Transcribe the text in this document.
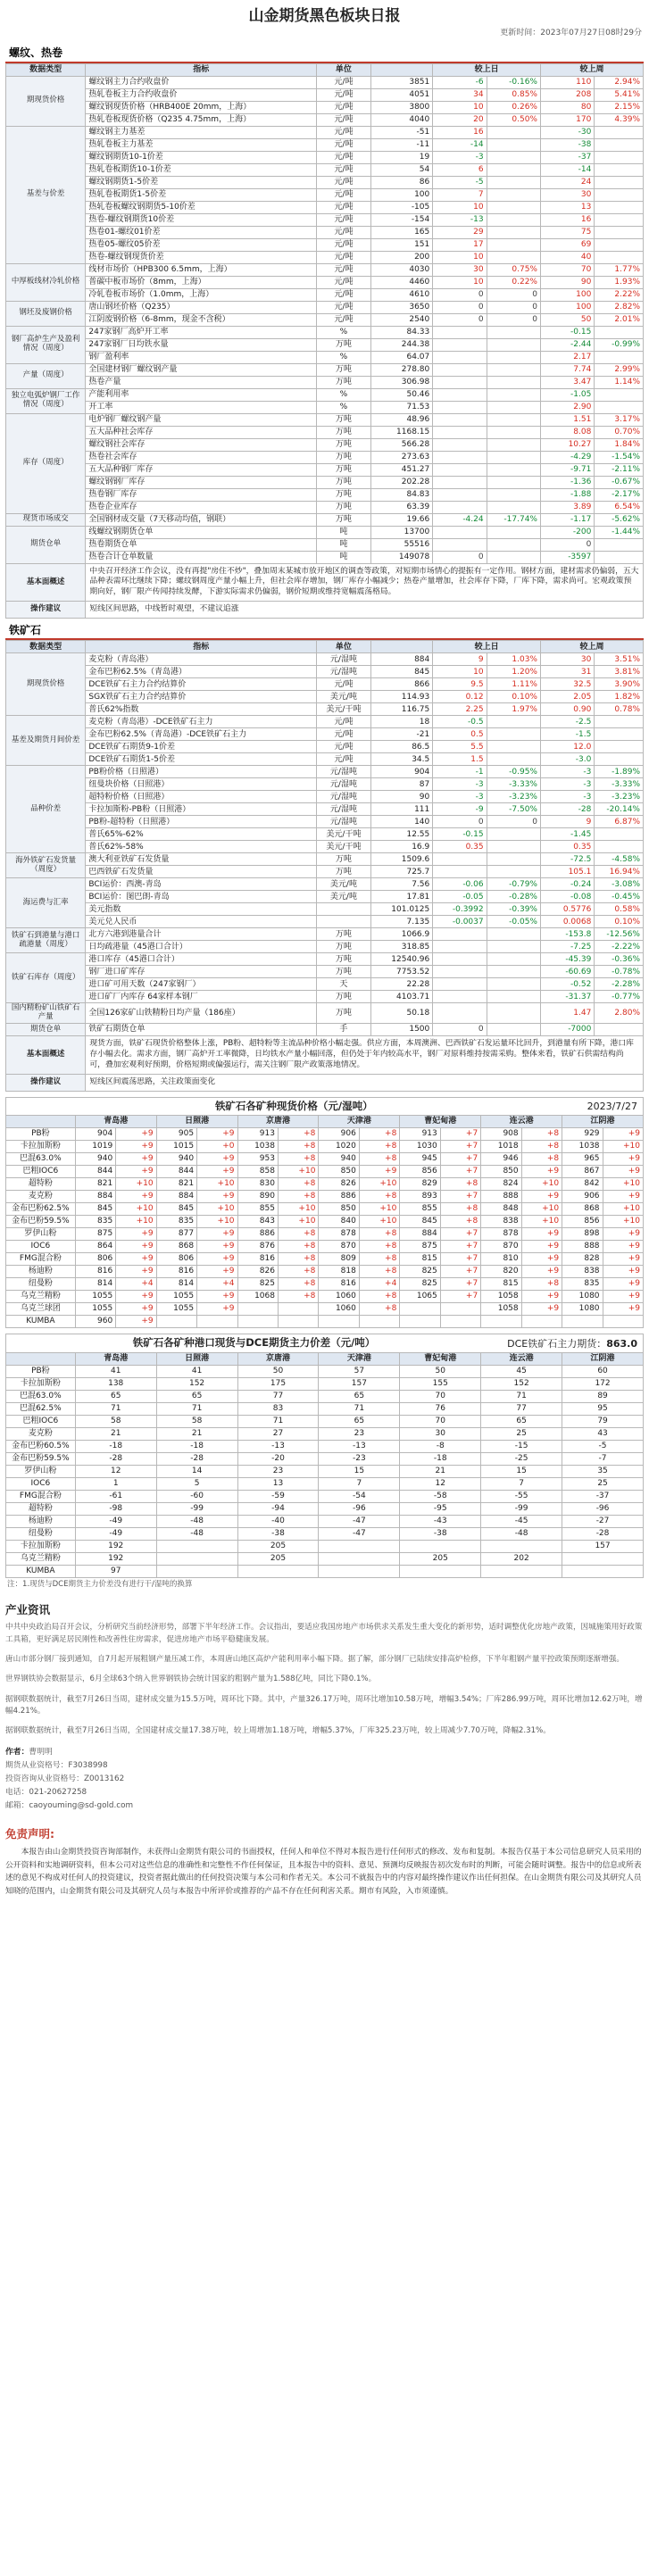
山金期货黑色板块日报
更新时间：2023年07月27日08时29分
螺纹、热卷
数据类型	指标	单位		较上日		较上周	
期现货价格	螺纹钢主力合约收盘价	元/吨	3851	-6	-0.16%	110	2.94%
	热轧卷板主力合约收盘价	元/吨	4051	34	0.85%	208	5.41%
	螺纹钢现货价格（HRB400E 20mm，上海）	元/吨	3800	10	0.26%	80	2.15%
	热轧卷板现货价格（Q235 4.75mm，上海）	元/吨	4040	20	0.50%	170	4.39%
基差与价差	螺纹钢主力基差	元/吨	-51	16		-30	
	热轧卷板主力基差	元/吨	-11	-14		-38	
	螺纹钢期货10-1价差	元/吨	19	-3		-37	
	热轧卷板期货10-1价差	元/吨	54	6		-14	
	螺纹钢期货1-5价差	元/吨	86	-5		24	
	热轧卷板期货1-5价差	元/吨	100	7		30	
	热轧卷板螺纹钢期货5-10价差	元/吨	-105	10		13	
	热卷-螺纹钢期货10价差	元/吨	-154	-13		16	
	热卷01-螺纹01价差	元/吨	165	29		75	
	热卷05-螺纹05价差	元/吨	151	17		69	
	热卷-螺纹钢现货价差	元/吨	200	10		40	
中厚板线材冷轧价格	线材市场价（HPB300 6.5mm，上海）	元/吨	4030	30	0.75%	70	1.77%
	普碳中板市场价（8mm，上海）	元/吨	4460	10	0.22%	90	1.93%
	冷轧卷板市场价（1.0mm，上海）	元/吨	4610	0	0	100	2.22%
钢坯及废钢价格	唐山钢坯价格（Q235）	元/吨	3650	0	0	100	2.82%
	江阴废钢价格（6-8mm，现金不含税）	元/吨	2540	0	0	50	2.01%
钢厂高炉生产及盈利情况（周度）	247家钢厂高炉开工率	%	84.33			-0.15	
	247家钢厂日均铁水量	万吨	244.38			-2.44	-0.99%
	钢厂盈利率	%	64.07			2.17	
产量（周度）	全国建材钢厂螺纹钢产量	万吨	278.80			7.74	2.99%
	热卷产量	万吨	306.98			3.47	1.14%
独立电弧炉钢厂工作情况（周度）	产能利用率	%	50.46			-1.05	
	开工率	%	71.53			2.90	
库存（周度）	电炉钢厂螺纹钢产量	万吨	48.96			1.51	3.17%
	五大品种社会库存	万吨	1168.15			8.08	0.70%
	螺纹钢社会库存	万吨	566.28			10.27	1.84%
	热卷社会库存	万吨	273.63			-4.29	-1.54%
	五大品种钢厂库存	万吨	451.27			-9.71	-2.11%
	螺纹钢钢厂库存	万吨	202.28			-1.36	-0.67%
	热卷钢厂库存	万吨	84.83			-1.88	-2.17%
	热卷企业库存	万吨	63.39			3.89	6.54%
现货市场成交	全国钢材成交量（7天移动均值，钢联）	万吨	19.66	-4.24	-17.74%	-1.17	-5.62%
期货仓单	线螺纹钢期货仓单	吨	13700			-200	-1.44%
	热卷期货仓单	吨	55516			0	
	热卷合计仓单数量	吨	149078	0		-3597	
基本面概述	中央召开经济工作会议，没有再提"房住不炒"，叠加周末某城市放开地区的调查等政策，对短期市场情心的提振有一定作用。钢材方面，建材需求仍偏弱，五大品种表需环比继续下降；螺纹钢周度产量小幅上升，但社会库存增加，钢厂库存小幅减少；热卷产量增加，社会库存下降，厂库下降，需求尚可。宏观政策预期向好，钢厂限产传闻持续发酵，下游实际需求仍偏弱，钢价短期或维持宽幅震荡格局。						
操作建议	短线区间思路，中线暂时观望，不建议追涨						
铁矿石
数据类型	指标	单位		较上日		较上周	
期现货价格	麦克粉（青岛港）	元/湿吨	884	9	1.03%	30	3.51%
	金布巴粉62.5%（青岛港）	元/湿吨	845	10	1.20%	31	3.81%
	DCE铁矿石主力合约结算价	元/吨	866	9.5	1.11%	32.5	3.90%
	SGX铁矿石主力合约结算价	美元/吨	114.93	0.12	0.10%	2.05	1.82%
	普氏62%指数	美元/干吨	116.75	2.25	1.97%	0.90	0.78%
基差及期货月间价差	麦克粉（青岛港）-DCE铁矿石主力	元/吨	18	-0.5		-2.5	
	金布巴粉62.5%（青岛港）-DCE铁矿石主力	元/吨	-21	0.5		-1.5	
	DCE铁矿石期货9-1价差	元/吨	86.5	5.5		12.0	
	DCE铁矿石期货1-5价差	元/吨	34.5	1.5		-3.0	
品种价差	PB粉价格（日照港）	元/湿吨	904	-1	-0.95%	-3	-1.89%
	纽曼块价格（日照港）	元/湿吨	87	-3	-3.33%	-3	-3.33%
	超特粉价格（日照港）	元/湿吨	90	-3	-3.23%	-3	-3.23%
	卡拉加斯粉-PB粉（日照港）	元/湿吨	111	-9	-7.50%	-28	-20.14%
	PB粉-超特粉（日照港）	元/湿吨	140	0	0	9	6.87%
	普氏65%-62%	美元/干吨	12.55	-0.15		-1.45	
	普氏62%-58%	美元/干吨	16.9	0.35		0.35	
海外铁矿石发货量（周度）	澳大利亚铁矿石发货量	万吨	1509.6			-72.5	-4.58%
	巴西铁矿石发货量	万吨	725.7			105.1	16.94%
海运费与汇率	BCI运价：西澳-青岛	美元/吨	7.56	-0.06	-0.79%	-0.24	-3.08%
	BCI运价：图巴朗-青岛	美元/吨	17.81	-0.05	-0.28%	-0.08	-0.45%
	美元指数		101.0125	-0.3992	-0.39%	0.5776	0.58%
	美元兑人民币		7.135	-0.0037	-0.05%	0.0068	0.10%
铁矿石到港量与港口疏港量（周度）	北方六港到港量合计	万吨	1066.9			-153.8	-12.56%
	日均疏港量（45港口合计）	万吨	318.85			-7.25	-2.22%
铁矿石库存（周度）	港口库存（45港口合计）	万吨	12540.96			-45.39	-0.36%
	钢厂进口矿库存	万吨	7753.52			-60.69	-0.78%
	进口矿可用天数（247家钢厂）	天	22.28			-0.52	-2.28%
	进口矿厂内库存 64家样本钢厂	万吨	4103.71			-31.37	-0.77%
国内精粉矿山铁矿石产量	全国126家矿山铁精粉日均产量（186座）	万吨	50.18			1.47	2.80%
期货仓单	铁矿石期货仓单	手	1500	0		-7000	
基本面概述	现货方面，铁矿石现货价格整体上涨，PB粉、超特粉等主流品种价格小幅走强。供应方面，本周澳洲、巴西铁矿石发运量环比回升，到港量有所下降，港口库存小幅去化。需求方面，钢厂高炉开工率微降，日均铁水产量小幅回落，但仍处于年内较高水平，钢厂对原料维持按需采购。整体来看，铁矿石供需结构尚可，叠加宏观利好预期，价格短期或偏强运行，需关注钢厂限产政策落地情况。						
操作建议	短线区间震荡思路，关注政策面变化						
铁矿石各矿种现货价格（元/湿吨）	2023/7/27
	青岛港		日照港		京唐港		天津港		曹妃甸港		连云港		江阴港	
PB粉	904	+9	905	+9	913	+8	906	+8	913	+7	908	+8	929	+9
卡拉加斯粉	1019	+9	1015	+0	1038	+8	1020	+8	1030	+7	1018	+8	1038	+10
巴混63.0%	940	+9	940	+9	953	+8	940	+8	945	+7	946	+8	965	+9
巴粗IOC6	844	+9	844	+9	858	+10	850	+9	856	+7	850	+9	867	+9
超特粉	821	+10	821	+10	830	+8	826	+10	829	+8	824	+10	842	+10
麦克粉	884	+9	884	+9	890	+8	886	+8	893	+7	888	+9	906	+9
金布巴粉62.5%	845	+10	845	+10	855	+10	850	+10	855	+8	848	+10	868	+10
金布巴粉59.5%	835	+10	835	+10	843	+10	840	+10	845	+8	838	+10	856	+10
罗伊山粉	875	+9	877	+9	886	+8	878	+8	884	+7	878	+9	898	+9
IOC6	864	+9	868	+9	876	+8	870	+8	875	+7	870	+9	888	+9
FMG混合粉	806	+9	806	+9	816	+8	809	+8	815	+7	810	+9	828	+9
杨迪粉	816	+9	816	+9	826	+8	818	+8	825	+7	820	+9	838	+9
纽曼粉	814	+4	814	+4	825	+8	816	+4	825	+7	815	+8	835	+9
乌克兰精粉	1055	+9	1055	+9	1068	+8	1060	+8	1065	+7	1058	+9	1080	+9
乌克兰球团	1055	+9	1055	+9			1060	+8			1058	+9	1080	+9
KUMBA	960	+9												
铁矿石各矿种港口现货与DCE期货主力价差（元/吨）	DCE铁矿石主力期货：863.0
	青岛港	日照港	京唐港	天津港	曹妃甸港	连云港	江阴港
PB粉	41	41	50	57	50	45	60
卡拉加斯粉	138	152	175	157	155	152	172
巴混63.0%	65	65	77	65	70	71	89
巴混62.5%	71	71	83	71	76	77	95
巴粗IOC6	58	58	71	65	70	65	79
麦克粉	21	21	27	23	30	25	43
金布巴粉60.5%	-18	-18	-13	-13	-8	-15	-5
金布巴粉59.5%	-28	-28	-20	-23	-18	-25	-7
罗伊山粉	12	14	23	15	21	15	35
IOC6	1	5	13	7	12	7	25
FMG混合粉	-61	-60	-59	-54	-58	-55	-37
超特粉	-98	-99	-94	-96	-95	-99	-96
杨迪粉	-49	-48	-40	-47	-43	-45	-27
纽曼粉	-49	-48	-38	-47	-38	-48	-28
卡拉加斯粉	192		205				157
乌克兰精粉	192		205		205	202	
KUMBA	97						
注：1.现货与DCE期货主力价差没有进行干/湿吨的换算
产业资讯

中共中央政治局召开会议，分析研究当前经济形势，部署下半年经济工作。会议指出，要适应我国房地产市场供求关系发生重大变化的新形势，适时调整优化房地产政策，因城施策用好政策工具箱，更好满足居民刚性和改善性住房需求，促进房地产市场平稳健康发展。

唐山市部分钢厂接到通知，自7月起开展粗钢产量压减工作，本周唐山地区高炉产能利用率小幅下降。据了解，部分钢厂已陆续安排高炉检修，下半年粗钢产量平控政策预期逐渐增强。

世界钢铁协会数据显示，6月全球63个纳入世界钢铁协会统计国家的粗钢产量为1.588亿吨，同比下降0.1%。

据钢联数据统计，截至7月26日当周，建材成交量为15.5万吨，周环比下降。其中，产量326.17万吨，周环比增加10.58万吨，增幅3.54%；厂库286.99万吨，周环比增加12.62万吨，增幅4.21%。

据钢联数据统计，截至7月26日当周，全国建材成交量17.38万吨，较上周增加1.18万吨，增幅5.37%，厂库325.23万吨，较上周减少7.70万吨，降幅2.31%。

作者：曹明明
期货从业资格号：F3038998
投资咨询从业资格号：Z0013162
电话：021-20627258
邮箱：caoyouming@sd-gold.com
免责声明:
本报告由山金期货投资咨询部制作，未获得山金期货有限公司的书面授权，任何人和单位不得对本报告进行任何形式的修改、发布和复制。本报告仅基于本公司信息研究人员采用的公开资料和实地调研资料，但本公司对这些信息的准确性和完整性不作任何保证，且本报告中的资料、意见、预测均反映报告初次发布时的判断，可能会随时调整。报告中的信息或所表述的意见不构成对任何人的投资建议，投资者据此做出的任何投资决策与本公司和作者无关。本公司不就报告中的内容对最终操作建议作出任何担保。在山金期货有限公司及其研究人员知晓的范围内，山金期货有限公司及其研究人员与本报告中所评价或推荐的产品不存在任何利害关系。期市有风险，入市须谨慎。
